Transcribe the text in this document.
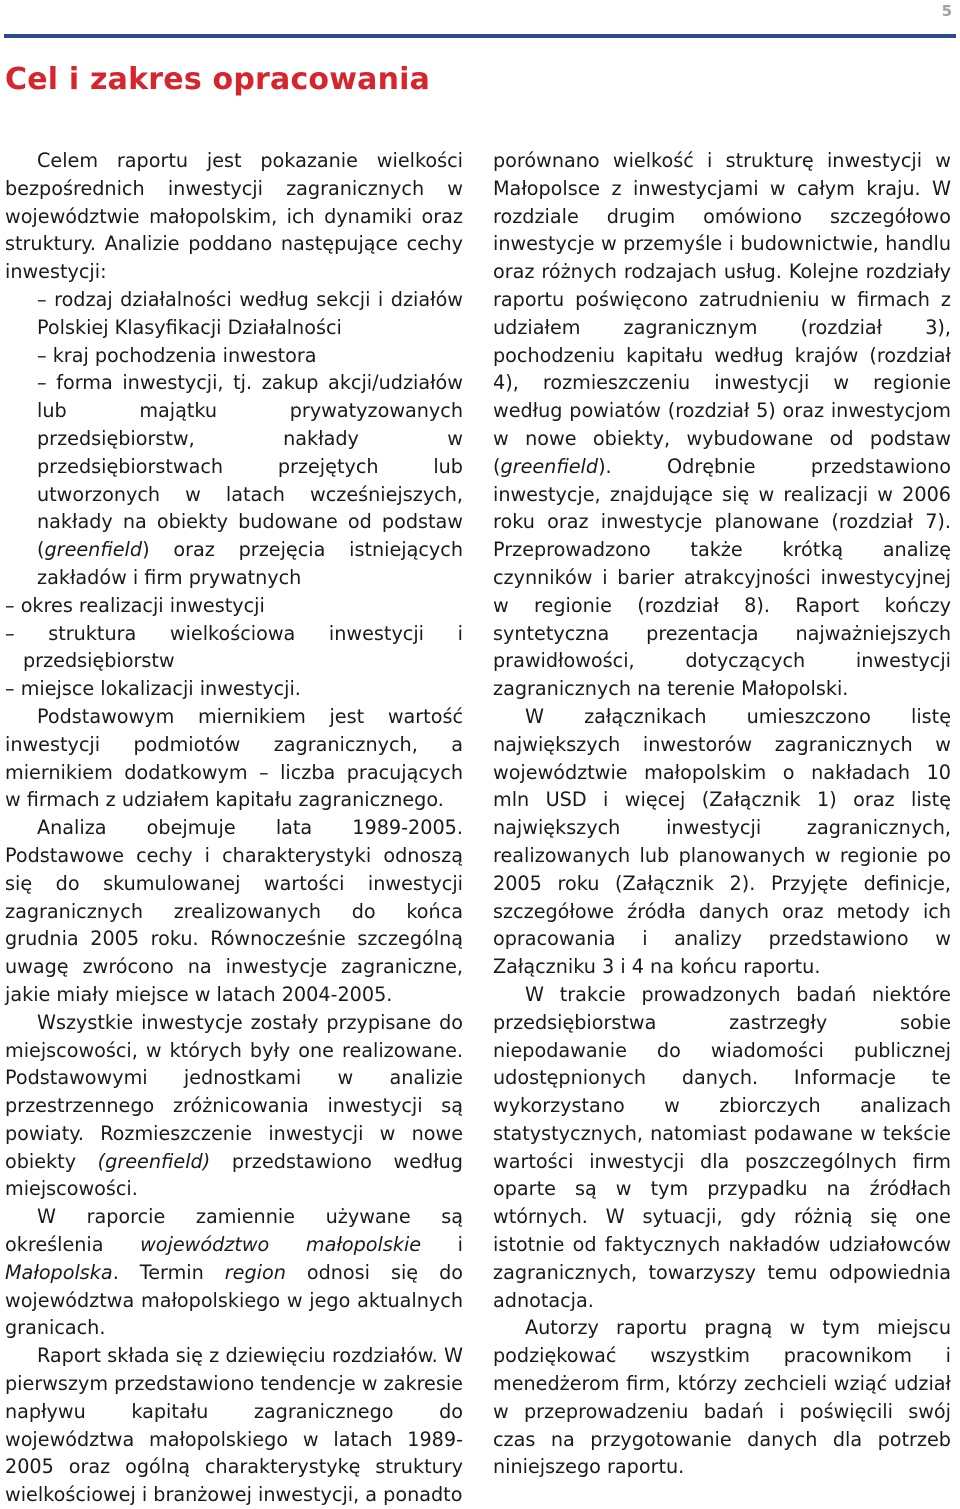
5
Cel i zakres opracowania

Celem raportu jest pokazanie wielkości bezpośrednich inwestycji zagranicznych w województwie małopolskim, ich dynamiki oraz struktury. Analizie poddano następujące cechy inwestycji:

– rodzaj działalności według sekcji i działów Polskiej Klasyfikacji Działalności

– kraj pochodzenia inwestora

– forma inwestycji, tj. zakup akcji/udziałów lub majątku prywatyzowanych przedsiębiorstw, nakłady w przedsiębiorstwach przejętych lub utworzonych w latach wcześniejszych, nakłady na obiekty budowane od podstaw (greenfield) oraz przejęcia istniejących zakładów i firm prywatnych

– okres realizacji inwestycji

– struktura wielkościowa inwestycji i przedsiębiorstw

– miejsce lokalizacji inwestycji.

Podstawowym miernikiem jest wartość inwestycji podmiotów zagranicznych, a miernikiem dodatkowym – liczba pracujących w firmach z udziałem kapitału zagranicznego.

Analiza obejmuje lata 1989-2005. Podstawowe cechy i charakterystyki odnoszą się do skumulowanej wartości inwestycji zagranicznych zrealizowanych do końca grudnia 2005 roku. Równocześnie szczególną uwagę zwrócono na inwestycje zagraniczne, jakie miały miejsce w latach 2004-2005.

Wszystkie inwestycje zostały przypisane do miejscowości, w których były one realizowane. Podstawowymi jednostkami w analizie przestrzennego zróżnicowania inwestycji są powiaty. Rozmieszczenie inwestycji w nowe obiekty (greenfield) przedstawiono według miejscowości.

W raporcie zamiennie używane są określenia województwo małopolskie i Małopolska. Termin region odnosi się do województwa małopolskiego w jego aktualnych granicach.

Raport składa się z dziewięciu rozdziałów. W pierwszym przedstawiono tendencje w zakresie napływu kapitału zagranicznego do województwa małopolskiego w latach 1989-2005 oraz ogólną charakterystykę struktury wielkościowej i branżowej inwestycji, a ponadto

porównano wielkość i strukturę inwestycji w Małopolsce z inwestycjami w całym kraju. W rozdziale drugim omówiono szczegółowo inwestycje w przemyśle i budownictwie, handlu oraz różnych rodzajach usług. Kolejne rozdziały raportu poświęcono zatrudnieniu w firmach z udziałem zagranicznym (rozdział 3), pochodzeniu kapitału według krajów (rozdział 4), rozmieszczeniu inwestycji w regionie według powiatów (rozdział 5) oraz inwestycjom w nowe obiekty, wybudowane od podstaw (greenfield). Odrębnie przedstawiono inwestycje, znajdujące się w realizacji w 2006 roku oraz inwestycje planowane (rozdział 7). Przeprowadzono także krótką analizę czynników i barier atrakcyjności inwestycyjnej w regionie (rozdział 8). Raport kończy syntetyczna prezentacja najważniejszych prawidłowości, dotyczących inwestycji zagranicznych na terenie Małopolski.

W załącznikach umieszczono listę największych inwestorów zagranicznych w województwie małopolskim o nakładach 10 mln USD i więcej (Załącznik 1) oraz listę największych inwestycji zagranicznych, realizowanych lub planowanych w regionie po 2005 roku (Załącznik 2). Przyjęte definicje, szczegółowe źródła danych oraz metody ich opracowania i analizy przedstawiono w Załączniku 3 i 4 na końcu raportu.

W trakcie prowadzonych badań niektóre przedsiębiorstwa zastrzegły sobie niepodawanie do wiadomości publicznej udostępnionych danych. Informacje te wykorzystano w zbiorczych analizach statystycznych, natomiast podawane w tekście wartości inwestycji dla poszczególnych firm oparte są w tym przypadku na źródłach wtórnych. W sytuacji, gdy różnią się one istotnie od faktycznych nakładów udziałowców zagranicznych, towarzyszy temu odpowiednia adnotacja.

Autorzy raportu pragną w tym miejscu podziękować wszystkim pracownikom i menedżerom firm, którzy zechcieli wziąć udział w przeprowadzeniu badań i poświęcili swój czas na przygotowanie danych dla potrzeb niniejszego raportu.
